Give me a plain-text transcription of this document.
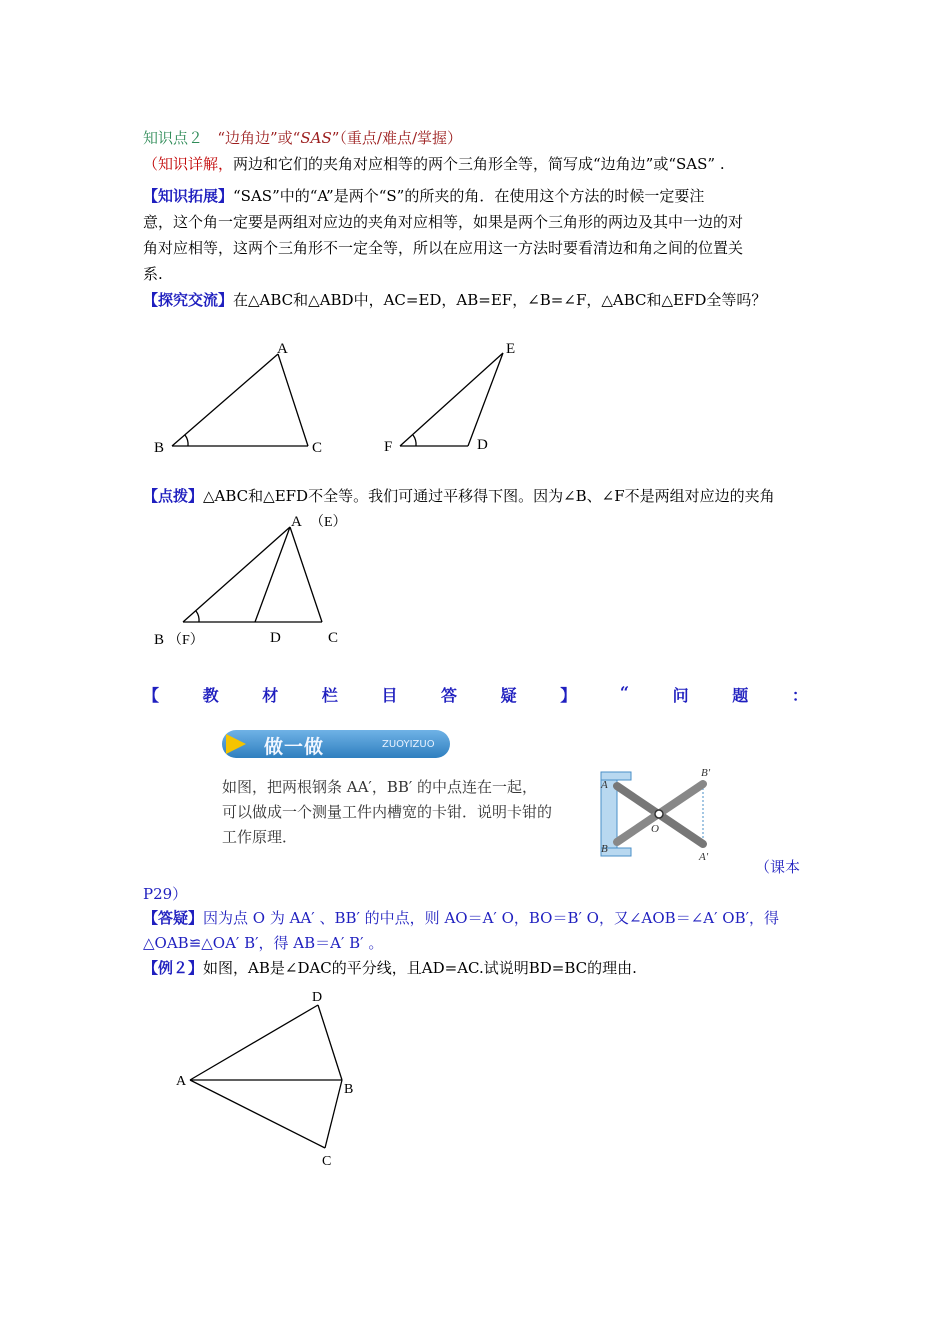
知识点２ “边角边”或“SAS”（重点/难点/掌握）
（知识详解，两边和它们的夹角对应相等的两个三角形全等，简写成“边角边”或“SAS” .
【知识拓展】“SAS”中的“A”是两个“S”的所夹的角．在使用这个方法的时候一定要注
意，这个角一定要是两组对应边的夹角对应相等，如果是两个三角形的两边及其中一边的对
角对应相等，这两个三角形不一定全等，所以在应用这一方法时要看清边和角之间的位置关
系.
【探究交流】在△ABC和△ABD中，AC=ED，AB=EF，∠B=∠F，△ABC和△EFD全等吗？
B
A
C	F
E
D
【点拨】△ABC和△EFD不全等。我们可通过平移得下图。因为∠B、∠F不是两组对应边的夹角
A （E）
B （F）	D	C
【	教	材	栏	目	答	疑	】	“	问	题	：
做一做	ZUOYIZUO
如图，把两根钢条 AA′，BB′ 的中点连在一起，
可以做成一个测量工件内槽宽的卡钳．说明卡钳的
工作原理．
A
B
O
B′
A′
（课本
P29）
【答疑】因为点 O 为 AA′ 、BB′ 的中点，则 AO＝A′ O，BO＝B′ O，又∠AOB＝∠A′ OB′，得
△OAB≌△OA′ B′，得 AB＝A′ B′ 。
【例２】如图，AB是∠DAC的平分线，且AD=AC.试说明BD=BC的理由.
A
D
B
C
